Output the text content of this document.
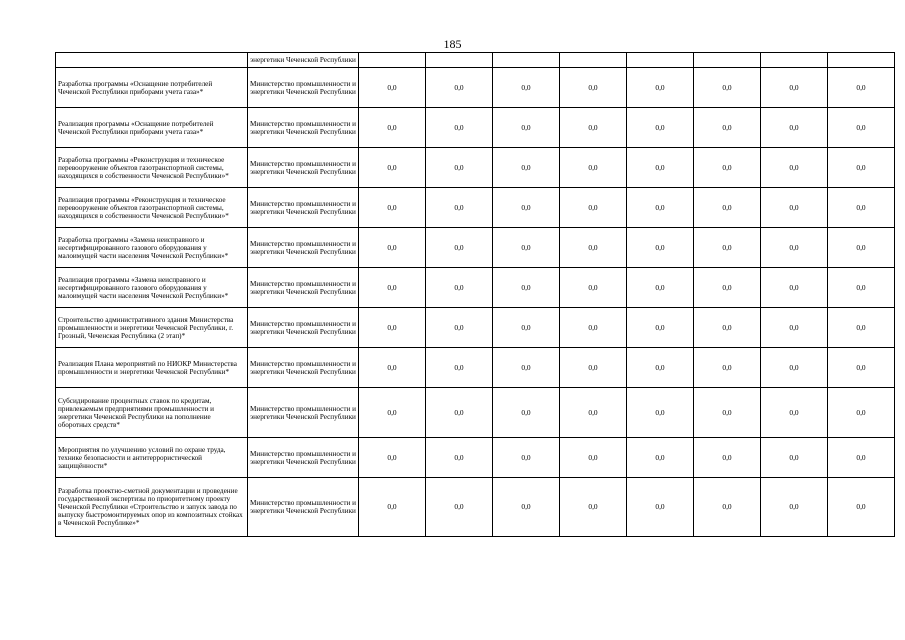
185
	энергетики Чеченской Республики								
Разработка программы «Оснащение потребителей Чеченской Республики приборами учета газа»*	Министерство промышленности и энергетики Чеченской Республики	0,0	0,0	0,0	0,0	0,0	0,0	0,0	0,0
Реализация программы «Оснащение потребителей Чеченской Республики приборами учета газа»*	Министерство промышленности и энергетики Чеченской Республики	0,0	0,0	0,0	0,0	0,0	0,0	0,0	0,0
Разработка программы «Реконструкция и техническое перевооружение объектов газотранспортной системы, находящихся в собственности Чеченской Республики»*	Министерство промышленности и энергетики Чеченской Республики	0,0	0,0	0,0	0,0	0,0	0,0	0,0	0,0
Реализация программы «Реконструкция и техническое перевооружение объектов газотранспортной системы, находящихся в собственности Чеченской Республики»*	Министерство промышленности и энергетики Чеченской Республики	0,0	0,0	0,0	0,0	0,0	0,0	0,0	0,0
Разработка программы «Замена неисправного и несертифицированного газового оборудования у малоимущей части населения Чеченской Республики»*	Министерство промышленности и энергетики Чеченской Республики	0,0	0,0	0,0	0,0	0,0	0,0	0,0	0,0
Реализация программы «Замена неисправного и несертифицированного газового оборудования у малоимущей части населения Чеченской Республики»*	Министерство промышленности и энергетики Чеченской Республики	0,0	0,0	0,0	0,0	0,0	0,0	0,0	0,0
Строительство административного здания Министерства промышленности и энергетики Чеченской Республики, г. Грозный, Чеченская Республика (2 этап)*	Министерство промышленности и энергетики Чеченской Республики	0,0	0,0	0,0	0,0	0,0	0,0	0,0	0,0
Реализация Плана мероприятий по НИОКР Министерства промышленности и энергетики Чеченской Республики*	Министерство промышленности и энергетики Чеченской Республики	0,0	0,0	0,0	0,0	0,0	0,0	0,0	0,0
Субсидирование процентных ставок по кредитам, привлекаемым предприятиями промышленности и энергетики Чеченской Республики на пополнение оборотных средств*	Министерство промышленности и энергетики Чеченской Республики	0,0	0,0	0,0	0,0	0,0	0,0	0,0	0,0
Мероприятия по улучшению условий по охране труда, технике безопасности и антитеррористической защищённости*	Министерство промышленности и энергетики Чеченской Республики	0,0	0,0	0,0	0,0	0,0	0,0	0,0	0,0
Разработка проектно-сметной документации и проведение государственной экспертизы по приоритетному проекту Чеченской Республики «Строительство и запуск завода по выпуску быстромонтируемых опор из композитных стойках в Чеченской Республике»*	Министерство промышленности и энергетики Чеченской Республики	0,0	0,0	0,0	0,0	0,0	0,0	0,0	0,0
